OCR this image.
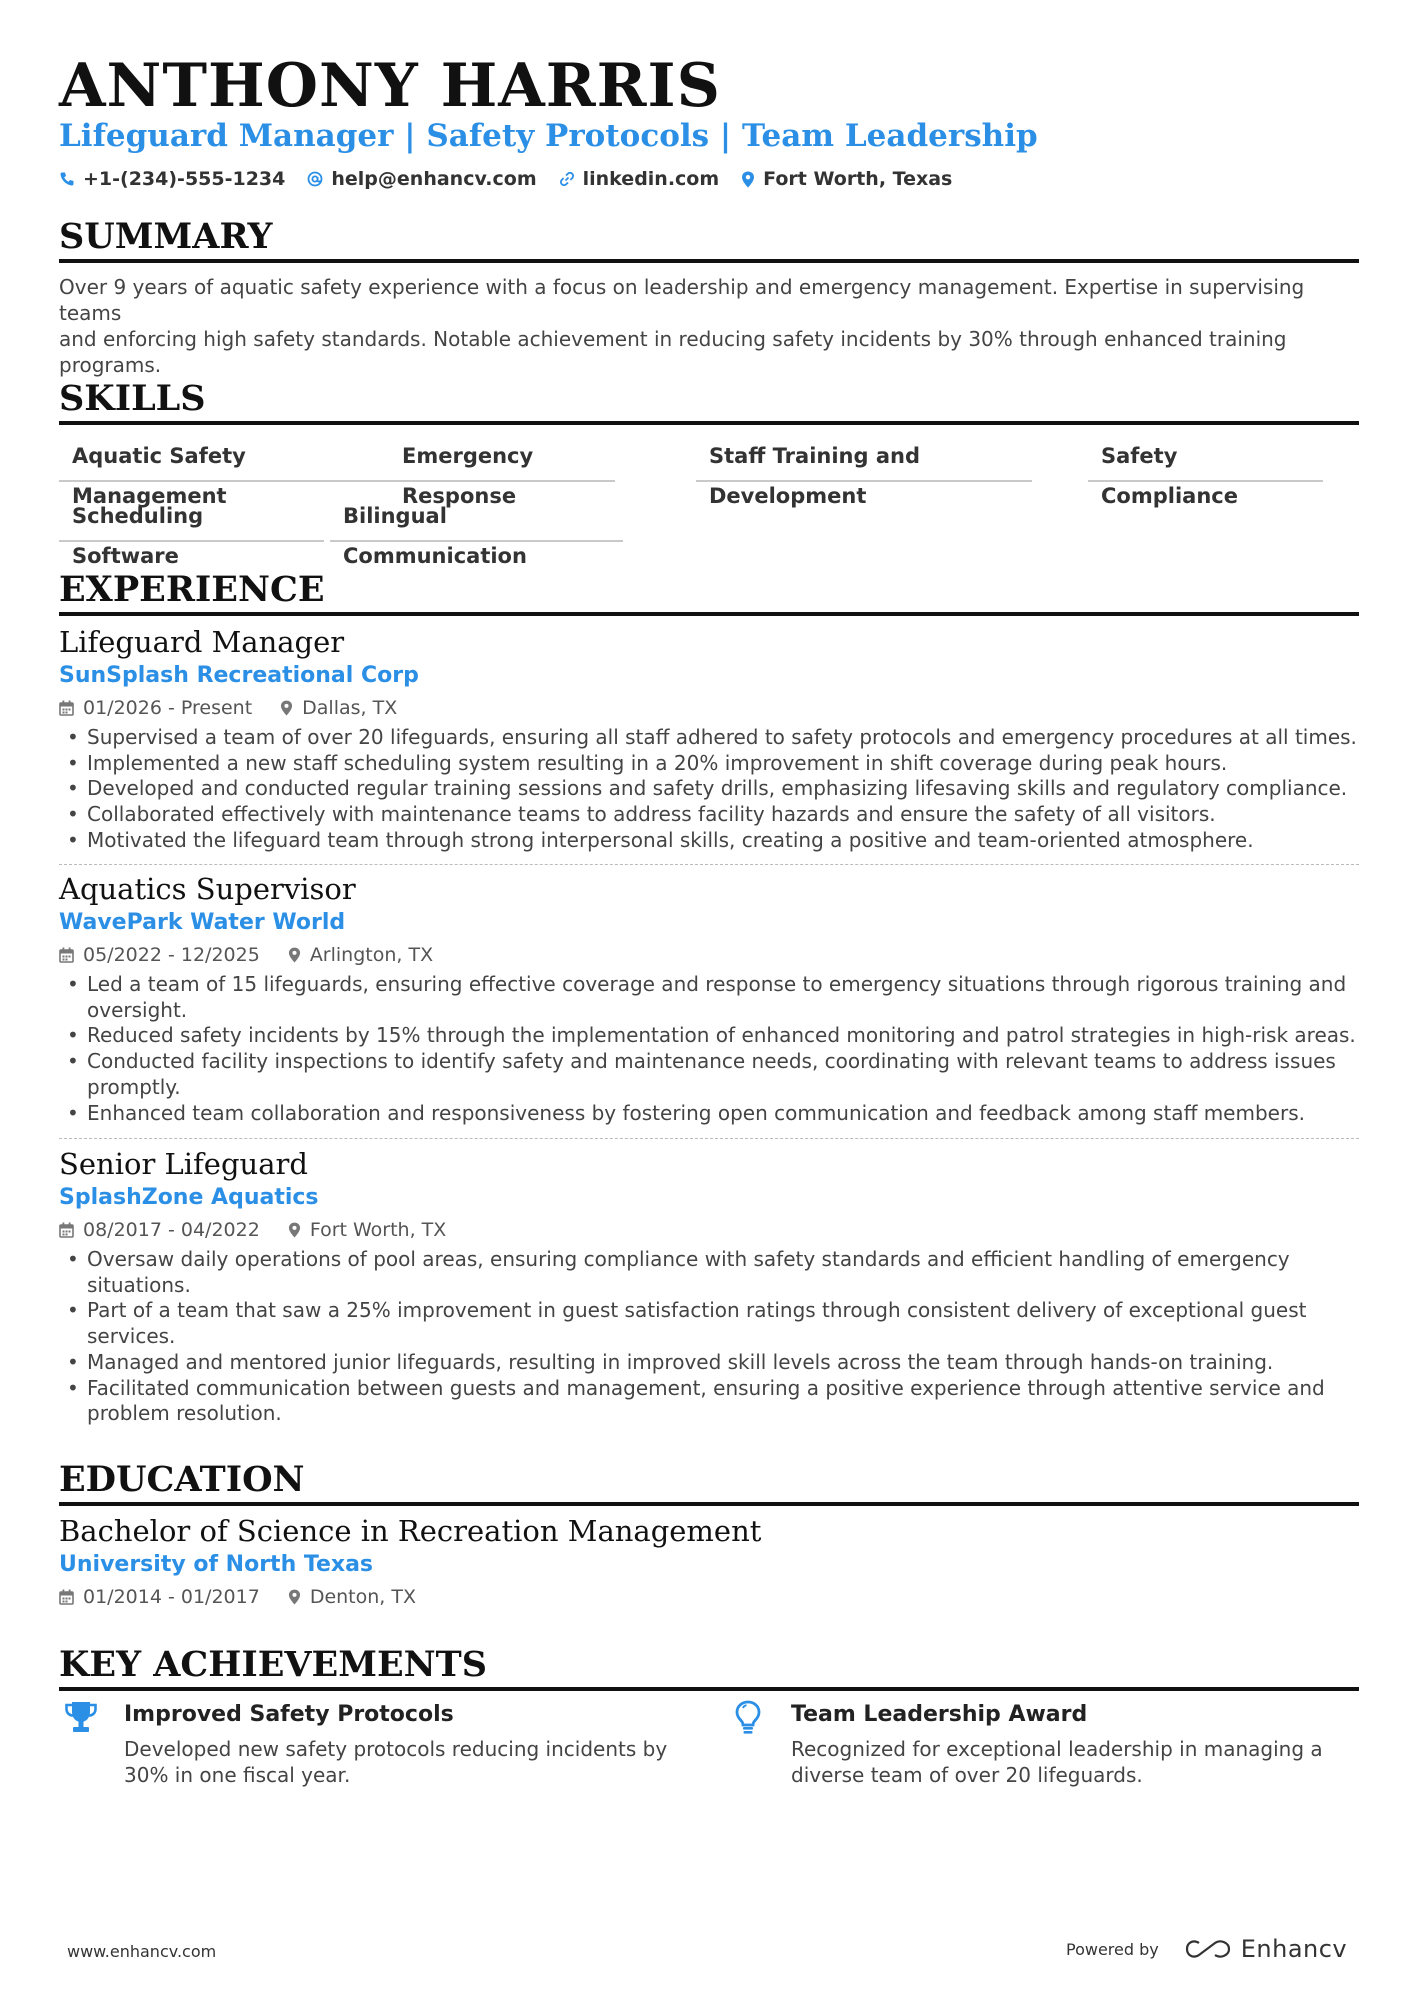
ANTHONY HARRIS
Lifeguard Manager | Safety Protocols | Team Leadership
+1-(234)-555-1234 help@enhancv.com linkedin.com Fort Worth, Texas
SUMMARY
Over 9 years of aquatic safety experience with a focus on leadership and emergency management. Expertise in supervising teams
and enforcing high safety standards. Notable achievement in reducing safety incidents by 30% through enhanced training
programs.
SKILLS
Aquatic Safety Management
Emergency Response
Staff Training and Development
Safety Compliance
Scheduling Software
Bilingual Communication
EXPERIENCE
Lifeguard Manager
SunSplash Recreational Corp
01/2026 - Present	Dallas, TX
• Supervised a team of over 20 lifeguards, ensuring all staff adhered to safety protocols and emergency procedures at all times.
• Implemented a new staff scheduling system resulting in a 20% improvement in shift coverage during peak hours.
• Developed and conducted regular training sessions and safety drills, emphasizing lifesaving skills and regulatory compliance.
• Collaborated effectively with maintenance teams to address facility hazards and ensure the safety of all visitors.
• Motivated the lifeguard team through strong interpersonal skills, creating a positive and team-oriented atmosphere.
Aquatics Supervisor
WavePark Water World
05/2022 - 12/2025	Arlington, TX
• Led a team of 15 lifeguards, ensuring effective coverage and response to emergency situations through rigorous training and oversight.
• Reduced safety incidents by 15% through the implementation of enhanced monitoring and patrol strategies in high-risk areas.
• Conducted facility inspections to identify safety and maintenance needs, coordinating with relevant teams to address issues promptly.
• Enhanced team collaboration and responsiveness by fostering open communication and feedback among staff members.
Senior Lifeguard
SplashZone Aquatics
08/2017 - 04/2022	Fort Worth, TX
• Oversaw daily operations of pool areas, ensuring compliance with safety standards and efficient handling of emergency situations.
• Part of a team that saw a 25% improvement in guest satisfaction ratings through consistent delivery of exceptional guest services.
• Managed and mentored junior lifeguards, resulting in improved skill levels across the team through hands-on training.
• Facilitated communication between guests and management, ensuring a positive experience through attentive service and problem resolution.
EDUCATION
Bachelor of Science in Recreation Management
University of North Texas
01/2014 - 01/2017	Denton, TX
KEY ACHIEVEMENTS
Improved Safety Protocols
Developed new safety protocols reducing incidents by 30% in one fiscal year.
Team Leadership Award
Recognized for exceptional leadership in managing a diverse team of over 20 lifeguards.
www.enhancv.com	Powered by	Enhancv
